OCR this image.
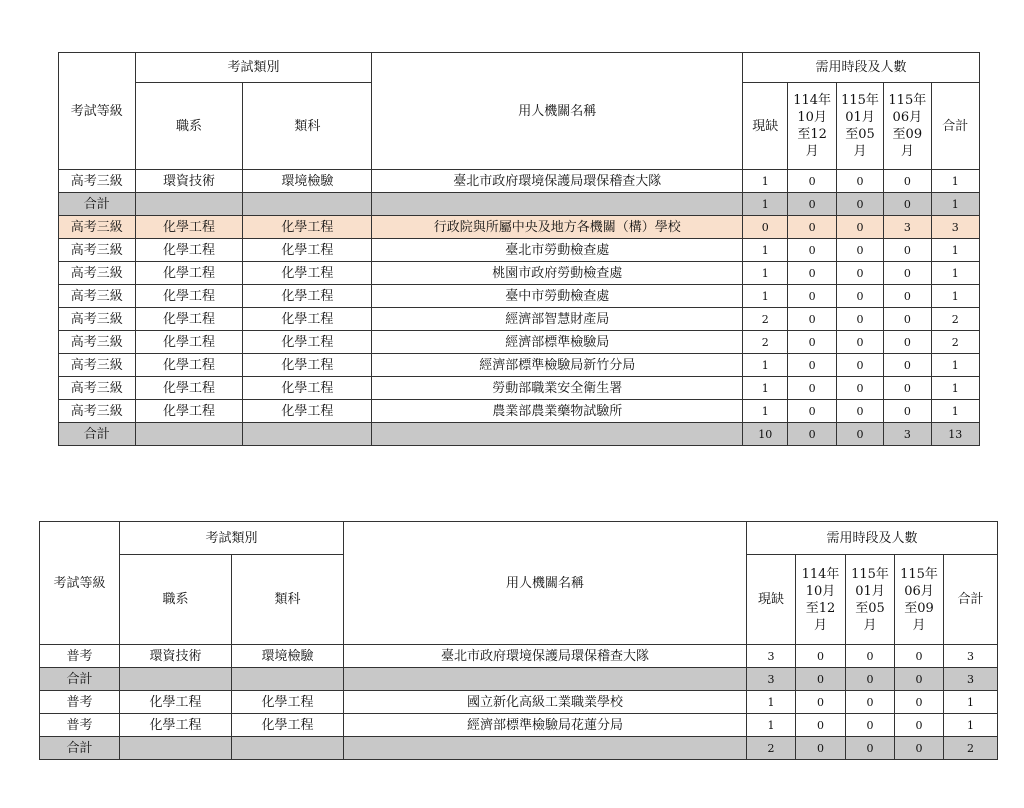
考試等級	考試類別		用人機關名稱	需用時段及人數				
	職系	類科		現缺	114年
10月
至12
月	115年
01月
至05
月	115年
06月
至09
月	合計
高考三級	環資技術	環境檢驗	臺北市政府環境保護局環保稽查大隊	1	0	0	0	1
合計				1	0	0	0	1
高考三級	化學工程	化學工程	行政院與所屬中央及地方各機關（構）學校	0	0	0	3	3
高考三級	化學工程	化學工程	臺北市勞動檢查處	1	0	0	0	1
高考三級	化學工程	化學工程	桃園市政府勞動檢查處	1	0	0	0	1
高考三級	化學工程	化學工程	臺中市勞動檢查處	1	0	0	0	1
高考三級	化學工程	化學工程	經濟部智慧財產局	2	0	0	0	2
高考三級	化學工程	化學工程	經濟部標準檢驗局	2	0	0	0	2
高考三級	化學工程	化學工程	經濟部標準檢驗局新竹分局	1	0	0	0	1
高考三級	化學工程	化學工程	勞動部職業安全衛生署	1	0	0	0	1
高考三級	化學工程	化學工程	農業部農業藥物試驗所	1	0	0	0	1
合計				10	0	0	3	13
考試等級	考試類別		用人機關名稱	需用時段及人數				
	職系	類科		現缺	114年
10月
至12
月	115年
01月
至05
月	115年
06月
至09
月	合計
普考	環資技術	環境檢驗	臺北市政府環境保護局環保稽查大隊	3	0	0	0	3
合計				3	0	0	0	3
普考	化學工程	化學工程	國立新化高級工業職業學校	1	0	0	0	1
普考	化學工程	化學工程	經濟部標準檢驗局花蓮分局	1	0	0	0	1
合計				2	0	0	0	2
